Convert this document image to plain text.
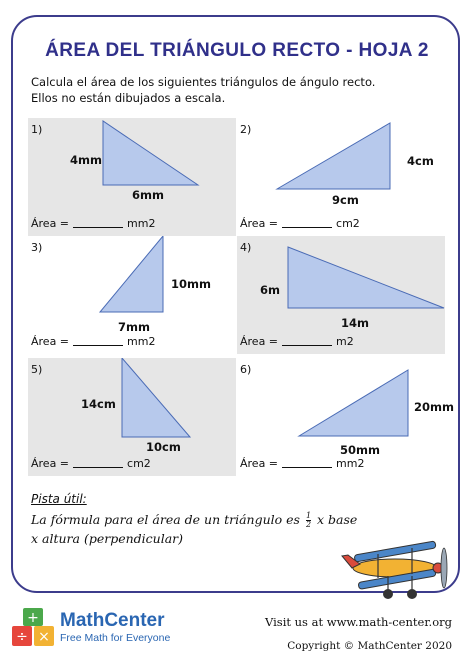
ÁREA DEL TRIÁNGULO RECTO - HOJA 2
Calcula el área de los siguientes triángulos de ángulo recto.
Ellos no están dibujados a escala.
1)
4mm
6mm
Área =	mm2
2)
4cm
9cm
Área =	cm2
3)
10mm
7mm
Área =	mm2
4)
6m
14m
Área =	m2
5)
14cm
10cm
Área =	cm2
6)
20mm
50mm
Área =	mm2
Pista útil:
La fórmula para el área de un triángulo es $\frac{1}{2}$ x base x altura (perpendicular)
÷ ×
+ MathCenter
Free Math for Everyone
Visit us at www.math-center.org
Copyright © MathCenter 2020
